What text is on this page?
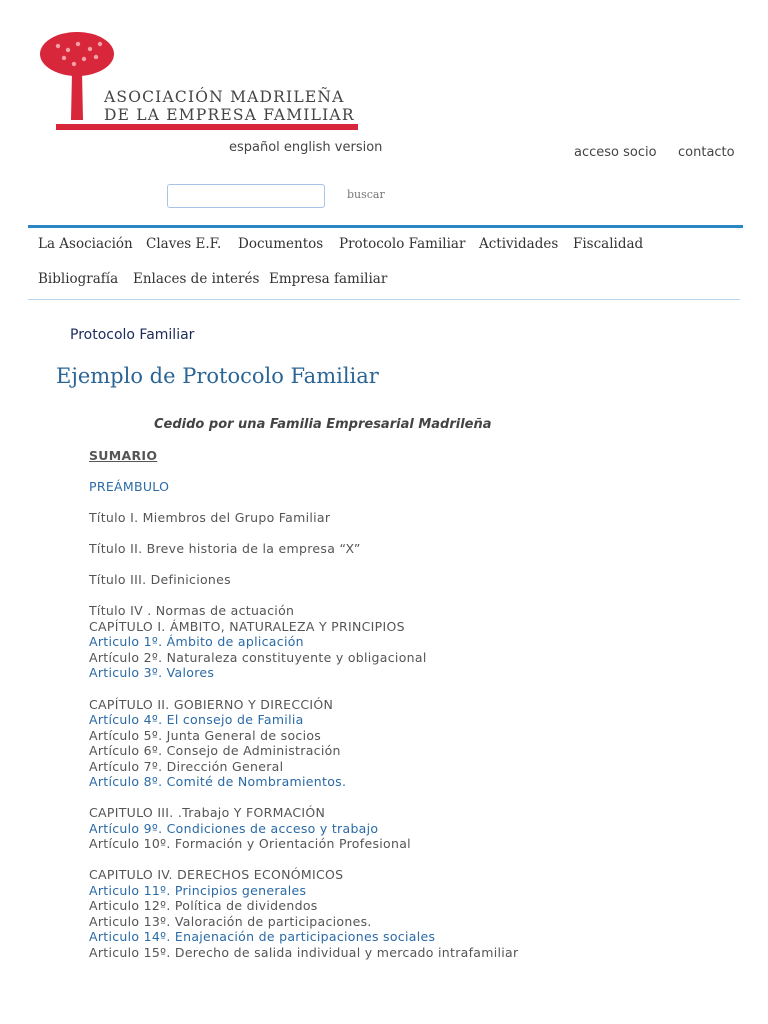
ASOCIACIÓN MADRILEÑA
DE LA EMPRESA FAMILIAR
español english version	acceso socio contacto
buscar
La Asociación Claves E.F. Documentos Protocolo Familiar Actividades Fiscalidad
Bibliografía Enlaces de interés Empresa familiar
Protocolo Familiar
Ejemplo de Protocolo Familiar
Cedido por una Familia Empresarial Madrileña
SUMARIO
PREÁMBULO
Título I. Miembros del Grupo Familiar
Título II. Breve historia de la empresa “X”
Título III. Definiciones
Título IV . Normas de actuación
CAPÍTULO I. ÁMBITO, NATURALEZA Y PRINCIPIOS
Articulo 1º. Ámbito de aplicación
Artículo 2º. Naturaleza constituyente y obligacional
Articulo 3º. Valores
CAPÍTULO II. GOBIERNO Y DIRECCIÓN
Artículo 4º. El consejo de Familia
Artículo 5º. Junta General de socios
Artículo 6º. Consejo de Administración
Artículo 7º. Dirección General
Artículo 8º. Comité de Nombramientos.
CAPITULO III. .Trabajo Y FORMACIÓN
Artículo 9º. Condiciones de acceso y trabajo
Artículo 10º. Formación y Orientación Profesional
CAPITULO IV. DERECHOS ECONÓMICOS
Articulo 11º. Principios generales
Articulo 12º. Política de dividendos
Articulo 13º. Valoración de participaciones.
Articulo 14º. Enajenación de participaciones sociales
Articulo 15º. Derecho de salida individual y mercado intrafamiliar
